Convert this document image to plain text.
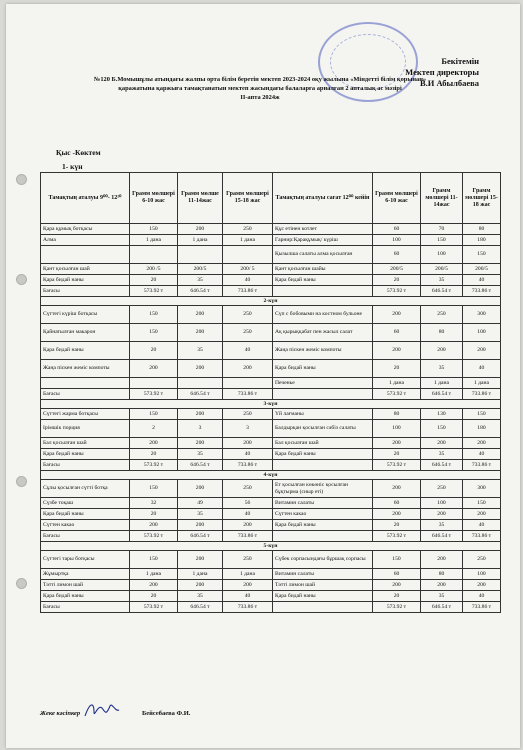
Бекітемін
Мектеп директоры
В.И Абылбаева
№120 Б.Момышұлы атындағы жалпы орта білім беретін мектеп 2023-2024 оқу жылына «Міндетті білім қорынан»
қаражатына қаржыға тамақтанатын мектеп жасындағы балаларға арналған 2 апталық ас мәзірі
II-апта 2024ж
Қыс -Көктем
1- күн
Тамақтың аталуы 9⁰⁰- 12²⁰	Грамм мөлшері 6-10 жас	Грамм мөлше 11-14жас	Грамм мөлшері 15-18 жас	Тамақтың аталуы сағат 12⁰⁰ кейін	Грамм мөлшері 6-10 жас	Грамм мөлшері 11-14жас	Грамм мөлшері 15-18 жас
Қара құмық ботқасы	150	200	250	Құс етінен котлет	60	70	80
Алма	1 дана	1 дана	1 дана	Гарнир:Қарақұмық/ күріш	100	150	180
				Қызылша салаты алма қосылған	60	100	150
Қант қосылған шай	200 /5	200/5	200/ 5	Қант қосылған шайы	200/5	200/5	200/5
Қара бидай наны	20	35	40	Қара бидай наны	20	35	40
Бағасы	573.92 т	646.54 т	733.86 т		573.92 т	646.54 т	733.86 т
2-күн							
Сүттегі күріш ботқасы	150	200	250	Сүп с бобовыми на костном бульоне	200	250	300
Қайнатылған макарон	150	200	250	Ақ қырыққабат пен жасыл салат	60	80	100
Қара бидай наны	20	35	40	Жаңа піскен жеміс компоты	200	200	200
Жаңа піскен жеміс компоты	200	200	200	Қара бидай наны	20	35	40
				Печенье	1 дана	1 дана	1 дана
Бағасы	573.92 т	646.54 т	733.86 т		573.92 т	646.54 т	733.86 т
3-күн							
Сүттегі жарма ботқасы	150	200	250	Үй лағманы	80	130	150
Ірімшік порция	2	3	3	Балдырқан қосылған сәбіз салаты	100	150	180
Бал қосылған шай	200	200	200	Бал қосылған шай	200	200	200
Қара бидай наны	20	35	40	Қара бидай наны	20	35	40
Бағасы	573.92 т	646.54 т	733.86 т		573.92 т	646.54 т	733.86 т
4-күн							
Сұлы қосылған сүтті ботқа	150	200	250	Ет қосылған көкөніс қосылған бұқтырма (сиыр еті)	200	250	300
Сүзбе тоқаш	32	49	56	Витамин салаты	60	100	150
Қара бидай наны	20	35	40	Сүттен какао	200	200	200
Сүттен какао	200	200	200	Қара бидай наны	20	35	40
Бағасы	573.92 т	646.54 т	733.86 т		573.92 т	646.54 т	733.86 т
5-күн							
Сүттегі тары ботқасы	150	200	250	Сүбек сорпасындағы бұршақ сорпасы	150	200	250
Жұмыртқа	1 дана	1 дана	1 дана	Витамин салаты	60	80	100
Тәтті лимон шай	200	200	200	Тәтті лимон шай	200	200	200
Қара бидай наны	20	35	40	Қара бидай наны	20	35	40
Бағасы	573.92 т	646.54 т	733.86 т		573.92 т	646.54 т	733.86 т
Жеке кәсіпкер	Бейсебаева Ф.И.
